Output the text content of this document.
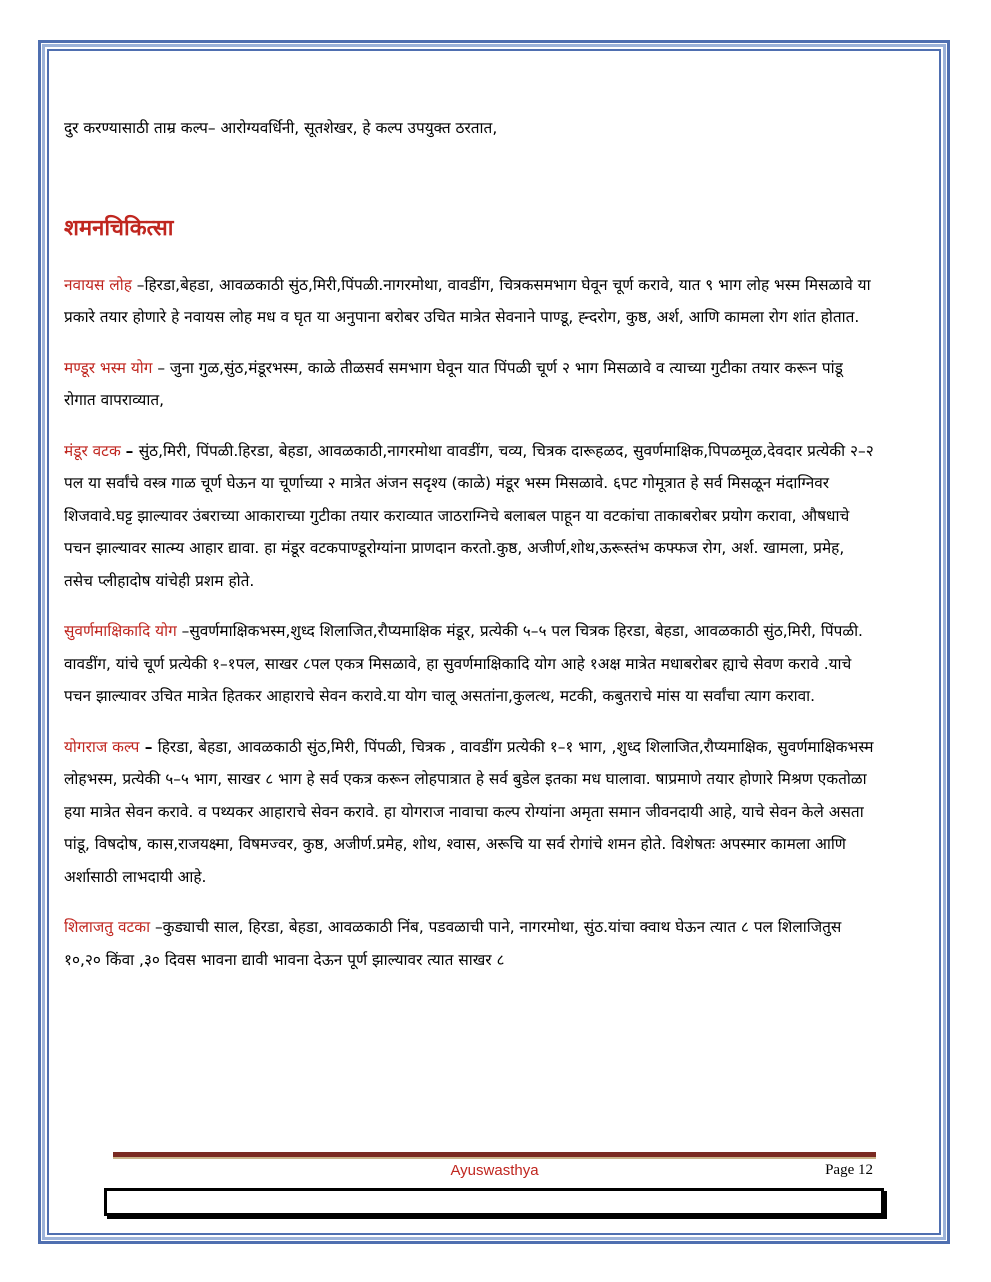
दुर करण्यासाठी ताम्र कल्प– आरोग्यवर्धिनी, सूतशेखर, हे कल्प उपयुक्त ठरतात,

शमनचिकित्सा

नवायस लोह –हिरडा,बेहडा, आवळकाठी सुंठ,मिरी,पिंपळी.नागरमोथा, वावडींग, चित्रकसमभाग घेवून चूर्ण करावे, यात ९ भाग लोह भस्म मिसळावे या प्रकारे तयार होणारे हे नवायस लोह मध व घृत या अनुपाना बरोबर उचित मात्रेत सेवनाने पाण्डू, ह्न्दरोग, कुष्ठ, अर्श, आणि कामला रोग शांत होतात.

मण्डूर भस्म योग – जुना गुळ,सुंठ,मंडूरभस्म, काळे तीळसर्व समभाग घेवून यात पिंपळी चूर्ण २ भाग मिसळावे व त्याच्या गुटीका तयार करून पांडू रोगात वापराव्यात,

मंडूर वटक – सुंठ,मिरी, पिंपळी.हिरडा, बेहडा, आवळकाठी,नागरमोथा वावडींग, चव्य, चित्रक दारूहळद, सुवर्णमाक्षिक,पिपळमूळ,देवदार प्रत्येकी २–२ पल या सर्वांचे वस्त्र गाळ चूर्ण घेऊन या चूर्णाच्या २ मात्रेत अंजन सदृश्य (काळे) मंडूर भस्म मिसळावे. ६पट गोमूत्रात हे सर्व मिसळून मंदाग्निवर शिजवावे.घट्ट झाल्यावर उंबराच्या आकाराच्या गुटीका तयार कराव्यात जाठराग्निचे बलाबल पाहून या वटकांचा ताकाबरोबर प्रयोग करावा, औषधाचे पचन झाल्यावर सात्म्य आहार द्यावा. हा मंडूर वटकपाण्डूरोग्यांना प्राणदान करतो.कुष्ठ, अजीर्ण,शोथ,ऊरूस्तंभ कफ्फज रोग, अर्श. खामला, प्रमेह, तसेच प्लीहादोष यांचेही प्रशम होते.

सुवर्णमाक्षिकादि योग –सुवर्णमाक्षिकभस्म,शुध्द शिलाजित,रौप्यमाक्षिक मंडूर, प्रत्येकी ५–५ पल चित्रक हिरडा, बेहडा, आवळकाठी सुंठ,मिरी, पिंपळी. वावडींग, यांचे चूर्ण प्रत्येकी १–१पल, साखर ८पल एकत्र मिसळावे, हा सुवर्णमाक्षिकादि योग आहे १अक्ष मात्रेत मधाबरोबर ह्याचे सेवण करावे .याचे पचन झाल्यावर उचित मात्रेत हितकर आहाराचे सेवन करावे.या योग चालू असतांना,कुलत्थ, मटकी, कबुतराचे मांस या सर्वांचा त्याग करावा.

योगराज कल्प – हिरडा, बेहडा, आवळकाठी सुंठ,मिरी, पिंपळी, चित्रक , वावडींग प्रत्येकी १–१ भाग, ,शुध्द शिलाजित,रौप्यमाक्षिक, सुवर्णमाक्षिकभस्म लोहभस्म, प्रत्येकी ५–५ भाग, साखर ८ भाग हे सर्व एकत्र करून लोहपात्रात हे सर्व बुडेल इतका मध घालावा. षाप्रमाणे तयार होणारे मिश्रण एकतोळा हया मात्रेत सेवन करावे. व पथ्यकर आहाराचे सेवन करावे. हा योगराज नावाचा कल्प रोग्यांना अमृता समान जीवनदायी आहे, याचे सेवन केले असता पांडू, विषदोष, कास,राजयक्ष्मा, विषमज्वर, कुष्ठ, अजीर्ण.प्रमेह, शोथ, श्वास, अरूचि या सर्व रोगांचे शमन होते. विशेषतः अपस्मार कामला आणि अर्शासाठी लाभदायी आहे.

शिलाजतु वटका –कुड्याची साल, हिरडा, बेहडा, आवळकाठी निंब, पडवळाची पाने, नागरमोथा, सुंठ.यांचा क्वाथ घेऊन त्यात ८ पल शिलाजितुस १०,२० किंवा ,३० दिवस भावना द्यावी भावना देऊन पूर्ण झाल्यावर त्यात साखर ८

Ayuswasthya	Page 12
